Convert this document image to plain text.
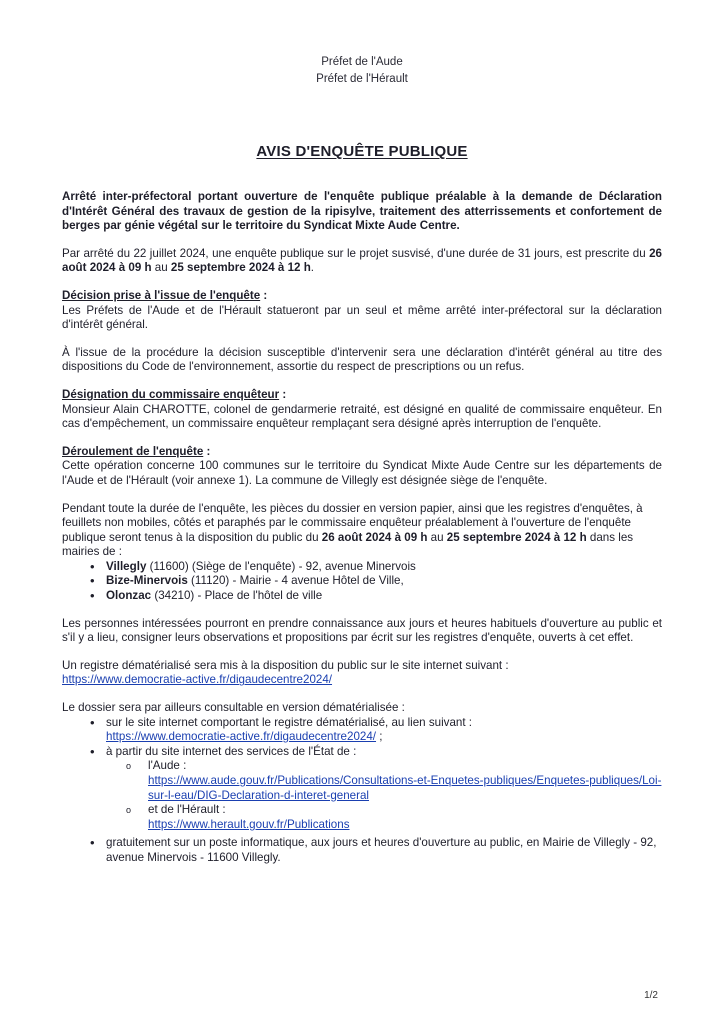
Préfet de l'Aude
Préfet de l'Hérault
AVIS D'ENQUÊTE PUBLIQUE

Arrêté inter-préfectoral portant ouverture de l'enquête publique préalable à la demande de Déclaration d'Intérêt Général des travaux de gestion de la ripisylve, traitement des atterrissements et confortement de berges par génie végétal sur le territoire du Syndicat Mixte Aude Centre.

Par arrêté du 22 juillet 2024, une enquête publique sur le projet susvisé, d'une durée de 31 jours, est prescrite du 26 août 2024 à 09 h au 25 septembre 2024 à 12 h.

Décision prise à l'issue de l'enquête :

Les Préfets de l'Aude et de l'Hérault statueront par un seul et même arrêté inter-préfectoral sur la déclaration d'intérêt général.

À l'issue de la procédure la décision susceptible d'intervenir sera une déclaration d'intérêt général au titre des dispositions du Code de l'environnement, assortie du respect de prescriptions ou un refus.

Désignation du commissaire enquêteur :

Monsieur Alain CHAROTTE, colonel de gendarmerie retraité, est désigné en qualité de commissaire enquêteur. En cas d'empêchement, un commissaire enquêteur remplaçant sera désigné après interruption de l'enquête.

Déroulement de l'enquête :

Cette opération concerne 100 communes sur le territoire du Syndicat Mixte Aude Centre sur les départements de l'Aude et de l'Hérault (voir annexe 1). La commune de Villegly est désignée siège de l'enquête.

Pendant toute la durée de l'enquête, les pièces du dossier en version papier, ainsi que les registres d'enquêtes, à feuillets non mobiles, côtés et paraphés par le commissaire enquêteur préalablement à l'ouverture de l'enquête publique seront tenus à la disposition du public du 26 août 2024 à 09 h au 25 septembre 2024 à 12 h dans les mairies de :

• Villegly (11600) (Siège de l'enquête) - 92, avenue Minervois
• Bize-Minervois (11120) - Mairie - 4 avenue Hôtel de Ville,
• Olonzac (34210) - Place de l'hôtel de ville

Les personnes intéressées pourront en prendre connaissance aux jours et heures habituels d'ouverture au public et s'il y a lieu, consigner leurs observations et propositions par écrit sur les registres d'enquête, ouverts à cet effet.

Un registre dématérialisé sera mis à la disposition du public sur le site internet suivant :

https://www.democratie-active.fr/digaudecentre2024/

Le dossier sera par ailleurs consultable en version dématérialisée :

• sur le site internet comportant le registre dématérialisé, au lien suivant :
https://www.democratie-active.fr/digaudecentre2024/ ;
• à partir du site internet des services de l'État de :
o l'Aude :
https://www.aude.gouv.fr/Publications/Consultations-et-Enquetes-publiques/Enquetes-publiques/Loi-sur-l-eau/DIG-Declaration-d-interet-general
o et de l'Hérault :
https://www.herault.gouv.fr/Publications
• gratuitement sur un poste informatique, aux jours et heures d'ouverture au public, en Mairie de Villegly - 92, avenue Minervois - 11600 Villegly.
1/2
